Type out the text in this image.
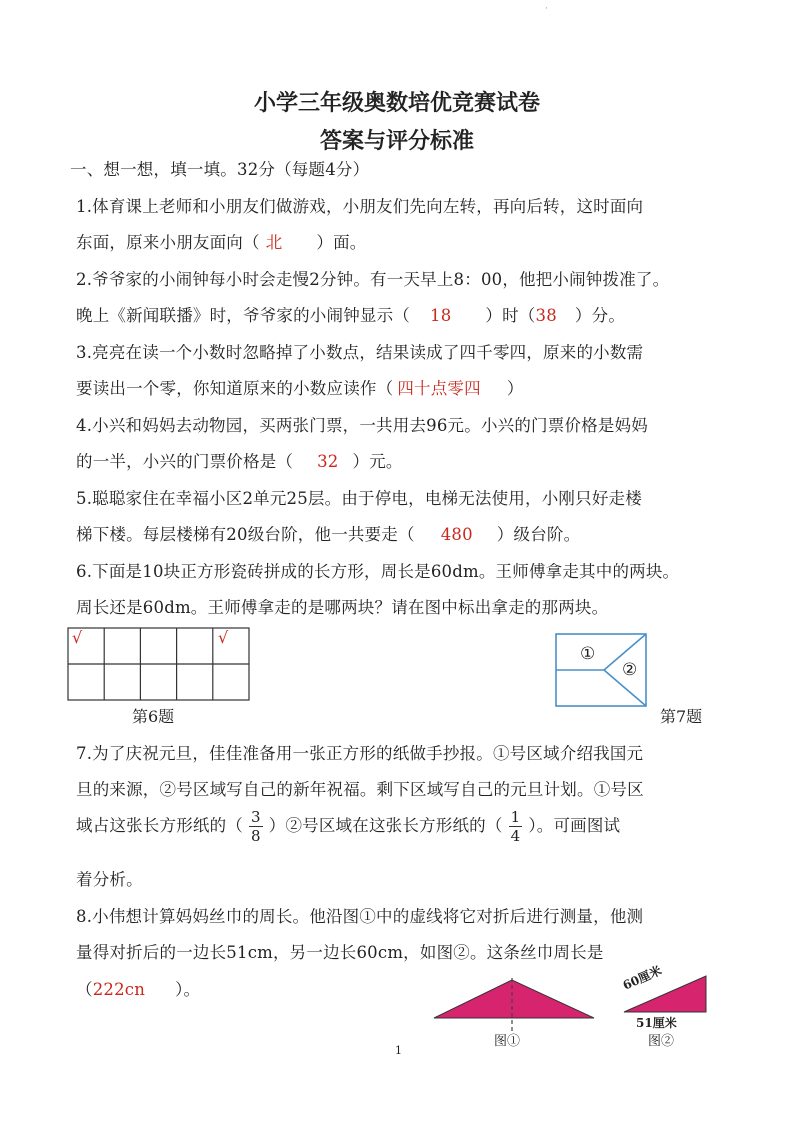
·
小学三年级奥数培优竞赛试卷
答案与评分标准
一、想一想，填一填。32分（每题4分）
1.体育课上老师和小朋友们做游戏，小朋友们先向左转，再向后转，这时面向
东面，原来小朋友面向（ 北 ）面。
2.爷爷家的小闹钟每小时会走慢2分钟。有一天早上8：00，他把小闹钟拨准了。
晚上《新闻联播》时，爷爷家的小闹钟显示（ 18 ）时（38 ）分。
3.亮亮在读一个小数时忽略掉了小数点，结果读成了四千零四，原来的小数需
要读出一个零，你知道原来的小数应读作（ 四十点零四 ）
4.小兴和妈妈去动物园，买两张门票，一共用去96元。小兴的门票价格是妈妈
的一半，小兴的门票价格是（ 32 ）元。
5.聪聪家住在幸福小区2单元25层。由于停电，电梯无法使用，小刚只好走楼
梯下楼。每层楼梯有20级台阶，他一共要走（ 480 ）级台阶。
6.下面是10块正方形瓷砖拼成的长方形，周长是60dm。王师傅拿走其中的两块。
周长还是60dm。王师傅拿走的是哪两块？请在图中标出拿走的那两块。
√	√
第6题
①
②
第7题
7.为了庆祝元旦，佳佳准备用一张正方形的纸做手抄报。①号区域介绍我国元
旦的来源，②号区域写自己的新年祝福。剩下区域写自己的元旦计划。①号区
域占这张长方形纸的（ $\frac{3}{8}$ ）②号区域在这张长方形纸的（ $\frac{1}{4}$ ）。可画图试
着分析。
8.小伟想计算妈妈丝巾的周长。他沿图①中的虚线将它对折后进行测量，他测
量得对折后的一边长51cm，另一边长60cm，如图②。这条丝巾周长是
（222cn ）。
图①
60厘米
51厘米
图②
1
